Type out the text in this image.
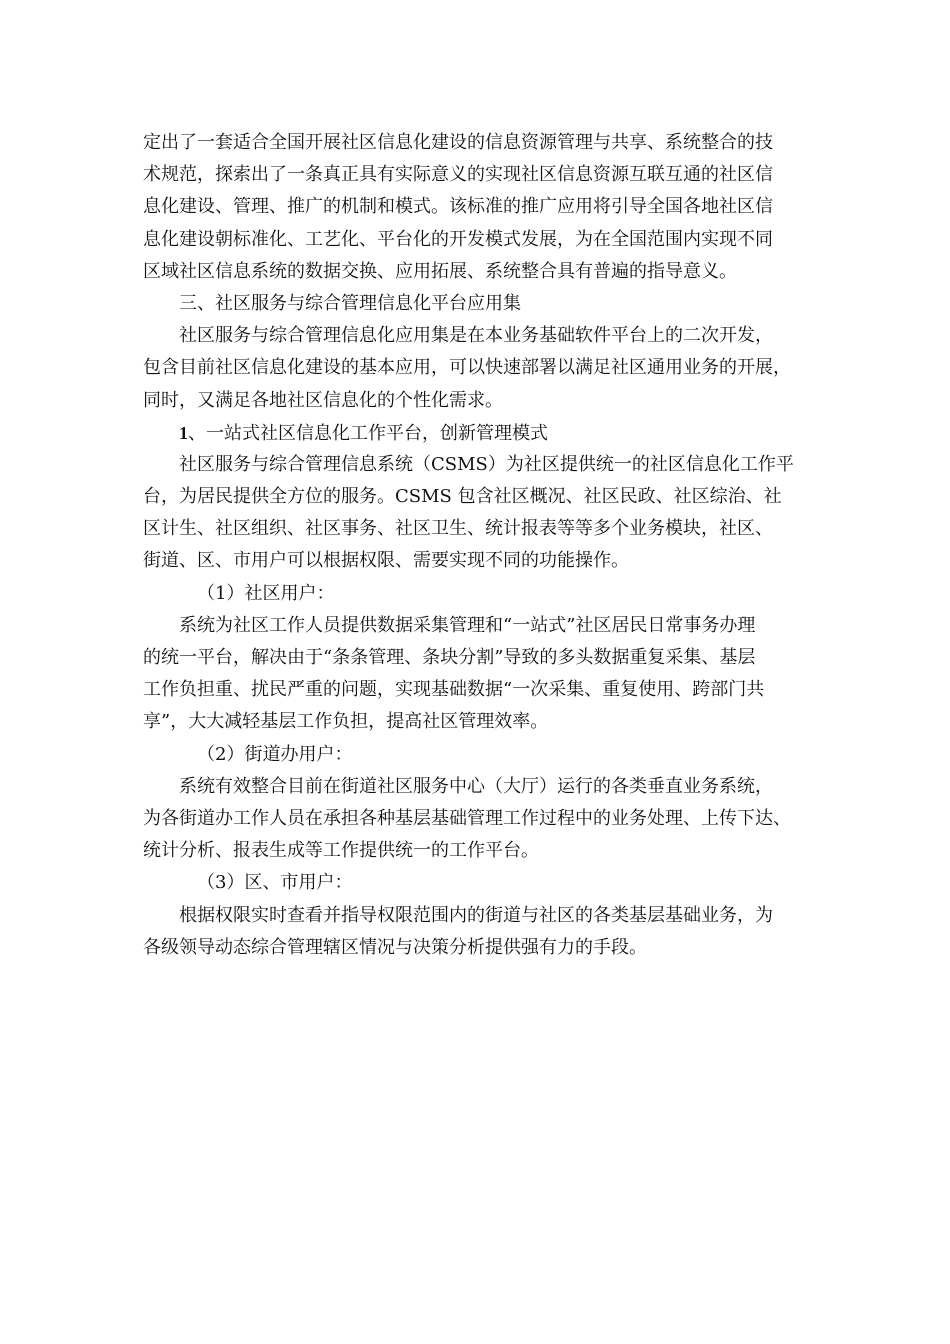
定出了一套适合全国开展社区信息化建设的信息资源管理与共享、系统整合的技
术规范，探索出了一条真正具有实际意义的实现社区信息资源互联互通的社区信
息化建设、管理、推广的机制和模式。该标准的推广应用将引导全国各地社区信
息化建设朝标准化、工艺化、平台化的开发模式发展，为在全国范围内实现不同
区域社区信息系统的数据交换、应用拓展、系统整合具有普遍的指导意义。
三、社区服务与综合管理信息化平台应用集
社区服务与综合管理信息化应用集是在本业务基础软件平台上的二次开发，
包含目前社区信息化建设的基本应用，可以快速部署以满足社区通用业务的开展，
同时，又满足各地社区信息化的个性化需求。
1、一站式社区信息化工作平台，创新管理模式
社区服务与综合管理信息系统（CSMS）为社区提供统一的社区信息化工作平
台，为居民提供全方位的服务。CSMS 包含社区概况、社区民政、社区综治、社
区计生、社区组织、社区事务、社区卫生、统计报表等等多个业务模块，社区、
街道、区、市用户可以根据权限、需要实现不同的功能操作。
（1）社区用户：
系统为社区工作人员提供数据采集管理和“一站式”社区居民日常事务办理
的统一平台，解决由于“条条管理、条块分割”导致的多头数据重复采集、基层
工作负担重、扰民严重的问题，实现基础数据“一次采集、重复使用、跨部门共
享”，大大减轻基层工作负担，提高社区管理效率。
（2）街道办用户：
系统有效整合目前在街道社区服务中心（大厅）运行的各类垂直业务系统，
为各街道办工作人员在承担各种基层基础管理工作过程中的业务处理、上传下达、
统计分析、报表生成等工作提供统一的工作平台。
（3）区、市用户：
根据权限实时查看并指导权限范围内的街道与社区的各类基层基础业务，为
各级领导动态综合管理辖区情况与决策分析提供强有力的手段。
